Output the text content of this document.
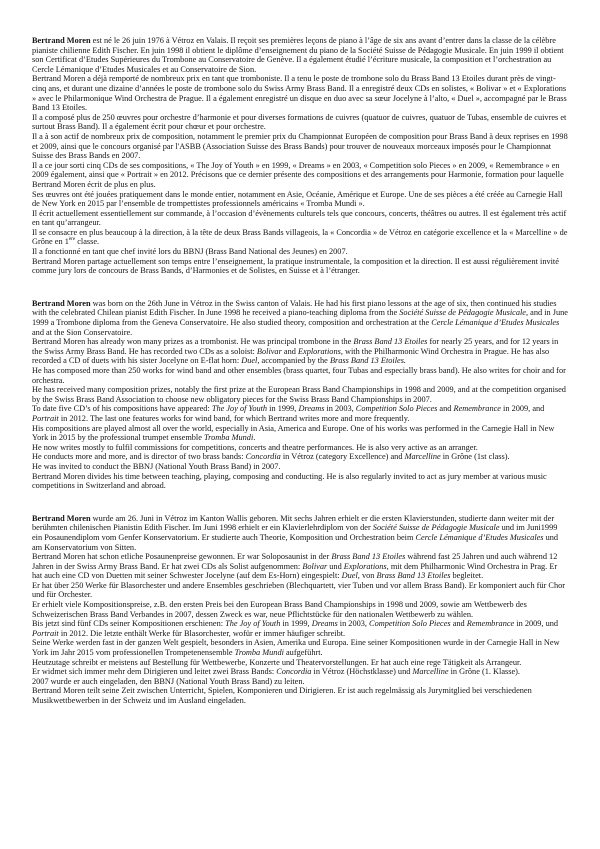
Bertrand Moren est né le 26 juin 1976 à Vétroz en Valais. Il reçoit ses premières leçons de piano à l’âge de six ans avant d’entrer dans la classe de la célèbre pianiste chilienne Edith Fischer. En juin 1998 il obtient le diplôme d’enseignement du piano de la Société Suisse de Pédagogie Musicale. En juin 1999 il obtient son Certificat d’Etudes Supérieures du Trombone au Conservatoire de Genève. Il a également étudié l’écriture musicale, la composition et l’orchestration au Cercle Lémanique d’Etudes Musicales et au Conservatoire de Sion.

Bertrand Moren a déjà remporté de nombreux prix en tant que tromboniste. Il a tenu le poste de trombone solo du Brass Band 13 Etoiles durant près de vingt-cinq ans, et durant une dizaine d’années le poste de trombone solo du Swiss Army Brass Band. Il a enregistré deux CDs en solistes, « Bolivar » et « Explorations » avec le Philarmonique Wind Orchestra de Prague. Il a également enregistré un disque en duo avec sa sœur Jocelyne à l’alto, « Duel », accompagné par le Brass Band 13 Etoiles.

Il a composé plus de 250 œuvres pour orchestre d’harmonie et pour diverses formations de cuivres (quatuor de cuivres, quatuor de Tubas, ensemble de cuivres et surtout Brass Band). Il a également écrit pour chœur et pour orchestre.

Il a à son actif de nombreux prix de composition, notamment le premier prix du Championnat Européen de composition pour Brass Band à deux reprises en 1998 et 2009, ainsi que le concours organisé par l'ASBB (Association Suisse des Brass Bands) pour trouver de nouveaux morceaux imposés pour le Championnat Suisse des Brass Bands en 2007.

Il a ce jour sorti cinq CDs de ses compositions, « The Joy of Youth » en 1999, « Dreams » en 2003, « Competition solo Pieces » en 2009, « Remembrance » en 2009 également, ainsi que « Portrait » en 2012. Précisons que ce dernier présente des compositions et des arrangements pour Harmonie, formation pour laquelle Bertrand Moren écrit de plus en plus.

Ses œuvres ont été jouées pratiquement dans le monde entier, notamment en Asie, Océanie, Amérique et Europe. Une de ses pièces a été créée au Carnegie Hall de New York en 2015 par l’ensemble de trompettistes professionnels américains « Tromba Mundi ».

Il écrit actuellement essentiellement sur commande, à l’occasion d’évènements culturels tels que concours, concerts, théâtres ou autres. Il est également très actif en tant qu’arrangeur.

Il se consacre en plus beaucoup à la direction, à la tête de deux Brass Bands villageois, la « Concordia » de Vétroz en catégorie excellence et la « Marcelline » de Grône en 1ère classe.

Il a fonctionné en tant que chef invité lors du BBNJ (Brass Band National des Jeunes) en 2007.

Bertrand Moren partage actuellement son temps entre l’enseignement, la pratique instrumentale, la composition et la direction. Il est aussi régulièrement invité comme jury lors de concours de Brass Bands, d’Harmonies et de Solistes, en Suisse et à l’étranger.

Bertrand Moren was born on the 26th June in Vétroz in the Swiss canton of Valais. He had his first piano lessons at the age of six, then continued his studies with the celebrated Chilean pianist Edith Fischer. In June 1998 he received a piano-teaching diploma from the Société Suisse de Pédagogie Musicale, and in June 1999 a Trombone diploma from the Geneva Conservatoire. He also studied theory, composition and orchestration at the Cercle Lémanique d’Etudes Musicales and at the Sion Conservatoire.

Bertrand Moren has already won many prizes as a trombonist. He was principal trombone in the Brass Band 13 Etoiles for nearly 25 years, and for 12 years in the Swiss Army Brass Band. He has recorded two CDs as a soloist: Bolivar and Explorations, with the Philharmonic Wind Orchestra in Prague. He has also recorded a CD of duets with his sister Jocelyne on E-flat horn: Duel, accompanied by the Brass Band 13 Etoiles.

He has composed more than 250 works for wind band and other ensembles (brass quartet, four Tubas and especially brass band). He also writes for choir and for orchestra.

He has received many composition prizes, notably the first prize at the European Brass Band Championships in 1998 and 2009, and at the competition organised by the Swiss Brass Band Association to choose new obligatory pieces for the Swiss Brass Band Championships in 2007.

To date five CD’s of his compositions have appeared: The Joy of Youth in 1999, Dreams in 2003, Competition Solo Pieces and Remembrance in 2009, and Portrait in 2012. The last one features works for wind band, for which Bertrand writes more and more frequently.

His compositions are played almost all over the world, especially in Asia, America and Europe. One of his works was performed in the Carnegie Hall in New York in 2015 by the professional trumpet ensemble Tromba Mundi.

He now writes mostly to fulfil commissions for competitions, concerts and theatre performances. He is also very active as an arranger.

He conducts more and more, and is director of two brass bands: Concordia in Vétroz (category Excellence) and Marcelline in Grône (1st class).

He was invited to conduct the BBNJ (National Youth Brass Band) in 2007.

Bertrand Moren divides his time between teaching, playing, composing and conducting. He is also regularly invited to act as jury member at various music competitions in Switzerland and abroad.

Bertrand Moren wurde am 26. Juni in Vétroz im Kanton Wallis geboren. Mit sechs Jahren erhielt er die ersten Klavierstunden, studierte dann weiter mit der berühmten chilenischen Pianistin Edith Fischer. Im Juni 1998 erhielt er ein Klavierlehrdiplom von der Société Suisse de Pédagogie Musicale und im Juni1999 ein Posaunendiplom vom Genfer Konservatorium. Er studierte auch Theorie, Komposition und Orchestration beim Cercle Lémanique d’Etudes Musicales und am Konservatorium von Sitten.

Bertrand Moren hat schon etliche Posaunenpreise gewonnen. Er war Soloposaunist in der Brass Band 13 Etoiles während fast 25 Jahren und auch während 12 Jahren in der Swiss Army Brass Band. Er hat zwei CDs als Solist aufgenommen: Bolivar und Explorations, mit dem Philharmonic Wind Orchestra in Prag. Er hat auch eine CD von Duetten mit seiner Schwester Jocelyne (auf dem Es-Horn) eingespielt: Duel, von Brass Band 13 Etoiles begleitet.

Er hat über 250 Werke für Blasorchester und andere Ensembles geschrieben (Blechquartett, vier Tuben und vor allem Brass Band). Er komponiert auch für Chor und für Orchester.

Er erhielt viele Kompositionspreise, z.B. den ersten Preis bei den European Brass Band Championships in 1998 und 2009, sowie am Wettbewerb des Schweizerischen Brass Band Verbandes in 2007, dessen Zweck es war, neue Pflichtstücke für den nationalen Wettbewerb zu wählen.

Bis jetzt sind fünf CDs seiner Kompositionen erschienen: The Joy of Youth in 1999, Dreams in 2003, Competition Solo Pieces and Remembrance in 2009, und Portrait in 2012. Die letzte enthält Werke für Blasorchester, wofür er immer häufiger schreibt.

Seine Werke werden fast in der ganzen Welt gespielt, besonders in Asien, Amerika und Europa. Eine seiner Kompositionen wurde in der Carnegie Hall in New York im Jahr 2015 vom professionellen Trompetenensemble Tromba Mundi aufgeführt.

Heutzutage schreibt er meistens auf Bestellung für Wettbewerbe, Konzerte und Theatervorstellungen. Er hat auch eine rege Tätigkeit als Arrangeur.

Er widmet sich immer mehr dem Dirigieren und leitet zwei Brass Bands: Concordia in Vétroz (Höchstklasse) und Marcelline in Grône (1. Klasse).

2007 wurde er auch eingeladen, den BBNJ (National Youth Brass Band) zu leiten.

Bertrand Moren teilt seine Zeit zwischen Unterricht, Spielen, Komponieren und Dirigieren. Er ist auch regelmässig als Jurymitglied bei verschiedenen Musikwettbewerben in der Schweiz und im Ausland eingeladen.
